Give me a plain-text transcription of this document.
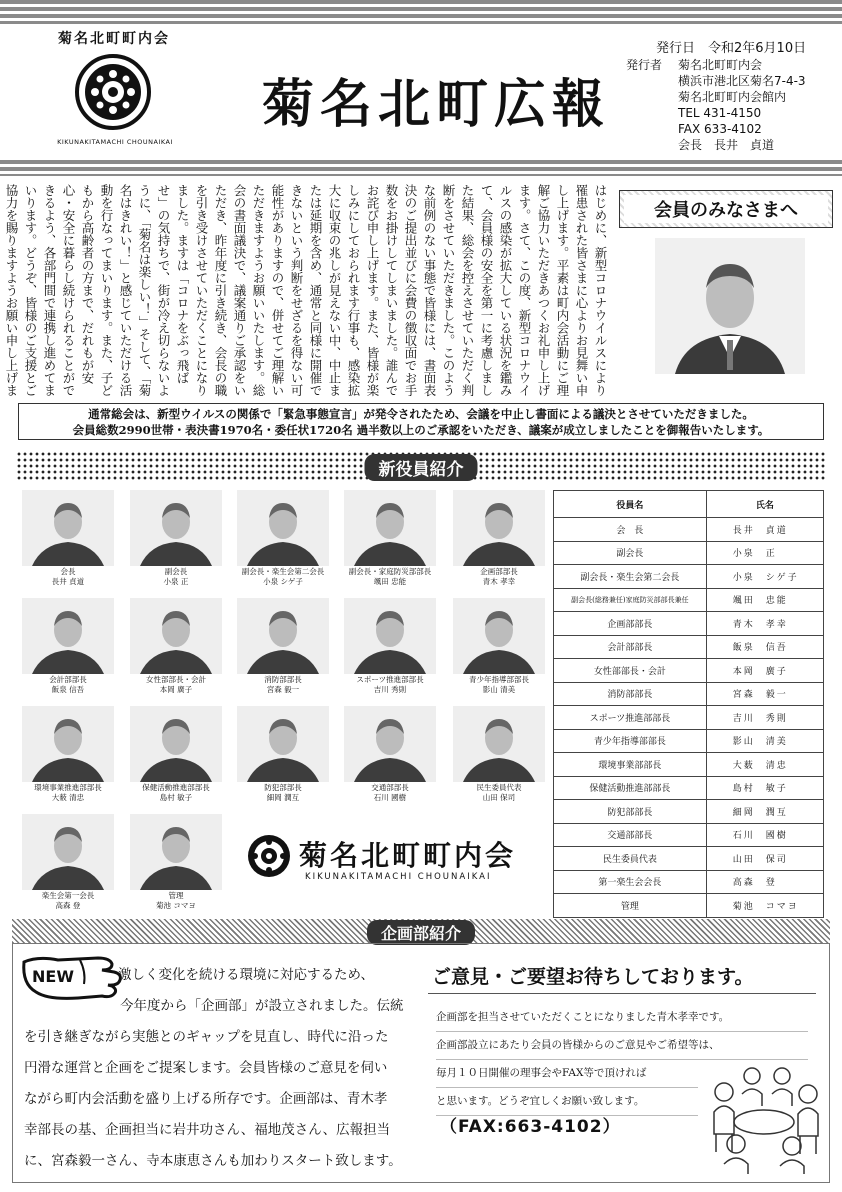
菊名北町町内会
KIKUNAKITAMACHI CHOUNAIKAI
菊名北町広報
発行日　令和2年6月10日
発行者	菊名北町町内会
横浜市港北区菊名7-4-3
菊名北町町内会館内
TEL 431-4150
FAX 633-4102
会長　長井　貞道
はじめに、新型コロナウイルスにより罹患された皆さまに心よりお見舞い申し上げます。平素は町内会活動にご理解ご協力いただきあつくお礼申し上げます。さて、この度、新型コロナウイルスの感染が拡大している状況を鑑みて、会員様の安全を第一に考慮しました結果、総会を控えさせていただく判断をさせていただきました。このような前例のない事態で皆様には、書面表決のご提出並びに会費の徴収面でお手数をお掛けしてしまいました。誰んでお詫び申し上げます。また、皆様が楽しみにしておられます行事も、感染拡大に収束の兆しが見えない中、中止または延期を含め、通常と同様に開催できないという判断をせざるを得ない可能性がありますので、併せてご理解いただきますようお願いいたします。総会の書面議決で、議案通りご承認をいただき、昨年度に引き続き、会長の職を引き受けさせていただくことになりました。ますは「コロナをぶっ飛ばせ」の気持ちで、街が冷え切らないように、「菊名は楽しい！」そして、「菊名はきれい！」と感じていただける活動を行なってまいります。また、子どもから高齢者の方まで、だれもが安心・安全に暮らし続けられることができるよう、各部門間で連携し進めてまいります。どうぞ、皆様のご支援とご協力を賜りますようお願い申し上げま
会員のみなさまへ
通常総会は、新型ウイルスの関係で「緊急事態宣言」が発令されたため、会議を中止し書面による議決とさせていただきました。
会員総数2990世帯・表決書1970名・委任状1720名 過半数以上のご承認をいただき、議案が成立しましたことを御報告いたします。
新役員紹介
会長
長井 貞道
副会長
小泉 正
副会長・楽生会第二会長
小泉 シゲ子
副会長・家庭防災部部長
颯田 忠能
企画部部長
青木 孝幸
会計部部長
飯泉 信吾
女性部部長・会計
本岡 廣子
消防部部長
宮森 毅一
スポーツ推進部部長
吉川 秀則
青少年指導部部長
影山 清美
環境事業推進部部長
大薮 清忠
保健活動推進部部長
島村 敏子
防犯部部長
細岡 潤互
交通部部長
石川 國樹
民生委員代表
山田 保司
楽生会第一会長
高森 登
管理
菊池 コマヨ
菊名北町町内会
KIKUNAKITAMACHI CHOUNAIKAI
役員名	氏名
会　長	長井　貞道
副会長	小泉　正
副会長・楽生会第二会長	小泉　シゲ子
副会長(総務兼任)家庭防災部部長兼任	颯田　忠能
企画部部長	青木　孝幸
会計部部長	飯泉　信吾
女性部部長・会計	本岡　廣子
消防部部長	宮森　毅一
スポーツ推進部部長	吉川　秀則
青少年指導部部長	影山　清美
環境事業部部長	大薮　清忠
保健活動推進部部長	島村　敏子
防犯部部長	細岡　潤互
交通部部長	石川　國樹
民生委員代表	山田　保司
第一楽生会会長	高森　登
管理	菊池　コマヨ
企画部紹介
NEW	激しく変化を続ける環境に対応するため、
今年度から「企画部」が設立されました。伝統
を引き継ぎながら実態とのギャップを見直し、時代に沿った
円滑な運営と企画をご提案します。会員皆様のご意見を伺い
ながら町内会活動を盛り上げる所存です。企画部は、青木孝
幸部長の基、企画担当に岩井功さん、福地茂さん、広報担当
に、宮森毅一さん、寺本康恵さんも加わりスタート致します。
ご意見・ご要望お待ちしております。
企画部を担当させていただくことになりました青木孝幸です。
企画部設立にあたり会員の皆様からのご意見やご希望等は、
毎月１０日開催の理事会やFAX等で頂ければ
と思います。どうぞ宜しくお願い致します。
（FAX:663-4102）
